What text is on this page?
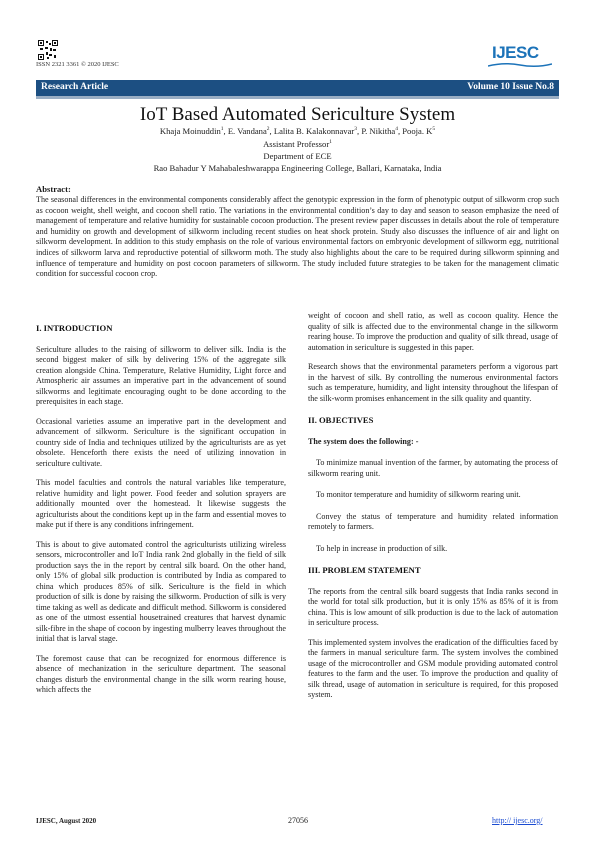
ISSN 2321 3361 © 2020 IJESC
IJESC
Research Article	Volume 10 Issue No.8
IoT Based Automated Sericulture System
Khaja Moinuddin$^1$, E. Vandana$^2$, Lalita B. Kalakonnavar$^3$, P. Nikitha$^4$, Pooja. $K^5$
Assistant Professor$^1$
Department of ECE
Rao Bahadur Y Mahabaleshwarappa Engineering College, Ballari, Karnataka, India
Abstract:
The seasonal differences in the environmental components considerably affect the genotypic expression in the form of phenotypic output of silkworm crop such as cocoon weight, shell weight, and cocoon shell ratio. The variations in the environmental condition’s day to day and season to season emphasize the need of management of temperature and relative humidity for sustainable cocoon production. The present review paper discusses in details about the role of temperature and humidity on growth and development of silkworm including recent studies on heat shock protein. Study also discusses the influence of air and light on silkworm development. In addition to this study emphasis on the role of various environmental factors on embryonic development of silkworm egg, nutritional indices of silkworm larva and reproductive potential of silkworm moth. The study also highlights about the care to be required during silkworm spinning and influence of temperature and humidity on post cocoon parameters of silkworm. The study included future strategies to be taken for the management climatic condition for successful cocoon crop.
I. INTRODUCTION
Sericulture alludes to the raising of silkworm to deliver silk. India is the second biggest maker of silk by delivering 15% of the aggregate silk creation alongside China. Temperature, Relative Humidity, Light force and Atmospheric air assumes an imperative part in the advancement of sound silkworms and legitimate encouraging ought to be done according to the prerequisites in each stage.
Occasional varieties assume an imperative part in the development and advancement of silkworm. Sericulture is the significant occupation in country side of India and techniques utilized by the agriculturists are as yet obsolete. Henceforth there exists the need of utilizing innovation in sericulture cultivate.
This model faculties and controls the natural variables like temperature, relative humidity and light power. Food feeder and solution sprayers are additionally mounted over the homestead. It likewise suggests the agriculturists about the conditions kept up in the farm and essential moves to make put if there is any conditions infringement.
This is about to give automated control the agriculturists utilizing wireless sensors, microcontroller and IoT India rank 2nd globally in the field of silk production says the in the report by central silk board. On the other hand, only 15% of global silk production is contributed by India as compared to china which produces 85% of silk. Sericulture is the field in which production of silk is done by raising the silkworm. Production of silk is very time taking as well as dedicate and difficult method. Silkworm is considered as one of the utmost essential housetrained creatures that harvest dynamic silk-fibre in the shape of cocoon by ingesting mulberry leaves throughout the initial that is larval stage.
The foremost cause that can be recognized for enormous difference is absence of mechanization in the sericulture department. The seasonal changes disturb the environmental change in the silk worm rearing house, which affects the
weight of cocoon and shell ratio, as well as cocoon quality. Hence the quality of silk is affected due to the environmental change in the silkworm rearing house. To improve the production and quality of silk thread, usage of automation in sericulture is suggested in this paper.
Research shows that the environmental parameters perform a vigorous part in the harvest of silk. By controlling the numerous environmental factors such as temperature, humidity, and light intensity throughout the lifespan of the silk-worm promises enhancement in the silk quality and quantity.
II. OBJECTIVES
The system does the following: -
To minimize manual invention of the farmer, by automating the process of silkworm rearing unit.
To monitor temperature and humidity of silkworm rearing unit.
Convey the status of temperature and humidity related information remotely to farmers.
To help in increase in production of silk.
III. PROBLEM STATEMENT
The reports from the central silk board suggests that India ranks second in the world for total silk production, but it is only 15% as 85% of it is from china. This is low amount of silk production is due to the lack of automation in sericulture process.
This implemented system involves the eradication of the difficulties faced by the farmers in manual sericulture farm. The system involves the combined usage of the microcontroller and GSM module providing automated control features to the farm and the user. To improve the production and quality of silk thread, usage of automation in sericulture is required, for this proposed system.
IJESC, August 2020	27056	http:// ijesc.org/
